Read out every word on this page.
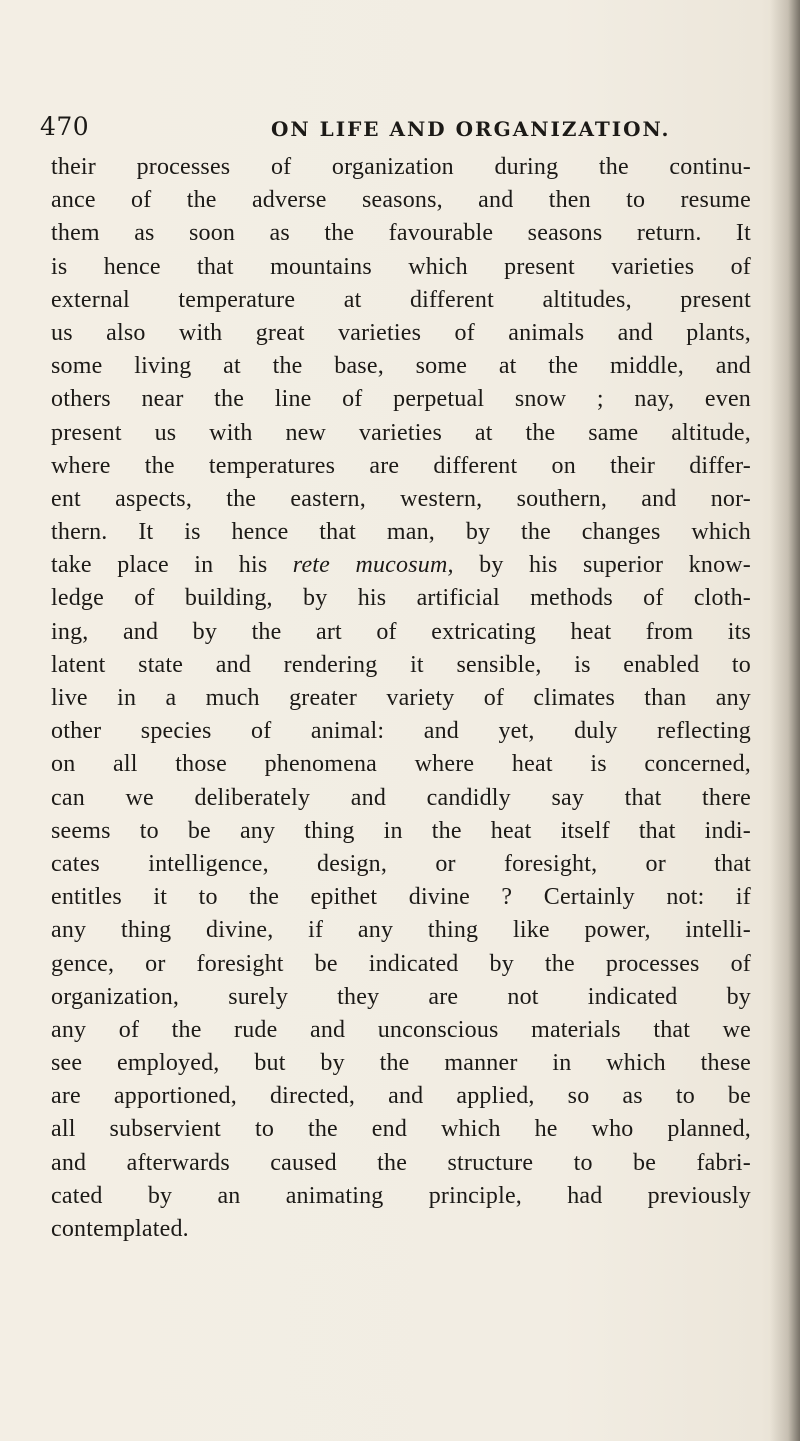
470	ON LIFE AND ORGANIZATION.
their processes of organization during the continu-
ance of the adverse seasons, and then to resume
them as soon as the favourable seasons return. It
is hence that mountains which present varieties of
external temperature at different altitudes, present
us also with great varieties of animals and plants,
some living at the base, some at the middle, and
others near the line of perpetual snow ; nay, even
present us with new varieties at the same altitude,
where the temperatures are different on their differ-
ent aspects, the eastern, western, southern, and nor-
thern. It is hence that man, by the changes which
take place in his rete mucosum, by his superior know-
ledge of building, by his artificial methods of cloth-
ing, and by the art of extricating heat from its
latent state and rendering it sensible, is enabled to
live in a much greater variety of climates than any
other species of animal: and yet, duly reflecting
on all those phenomena where heat is concerned,
can we deliberately and candidly say that there
seems to be any thing in the heat itself that indi-
cates intelligence, design, or foresight, or that
entitles it to the epithet divine ? Certainly not: if
any thing divine, if any thing like power, intelli-
gence, or foresight be indicated by the processes of
organization, surely they are not indicated by
any of the rude and unconscious materials that we
see employed, but by the manner in which these
are apportioned, directed, and applied, so as to be
all subservient to the end which he who planned,
and afterwards caused the structure to be fabri-
cated by an animating principle, had previously
contemplated.
